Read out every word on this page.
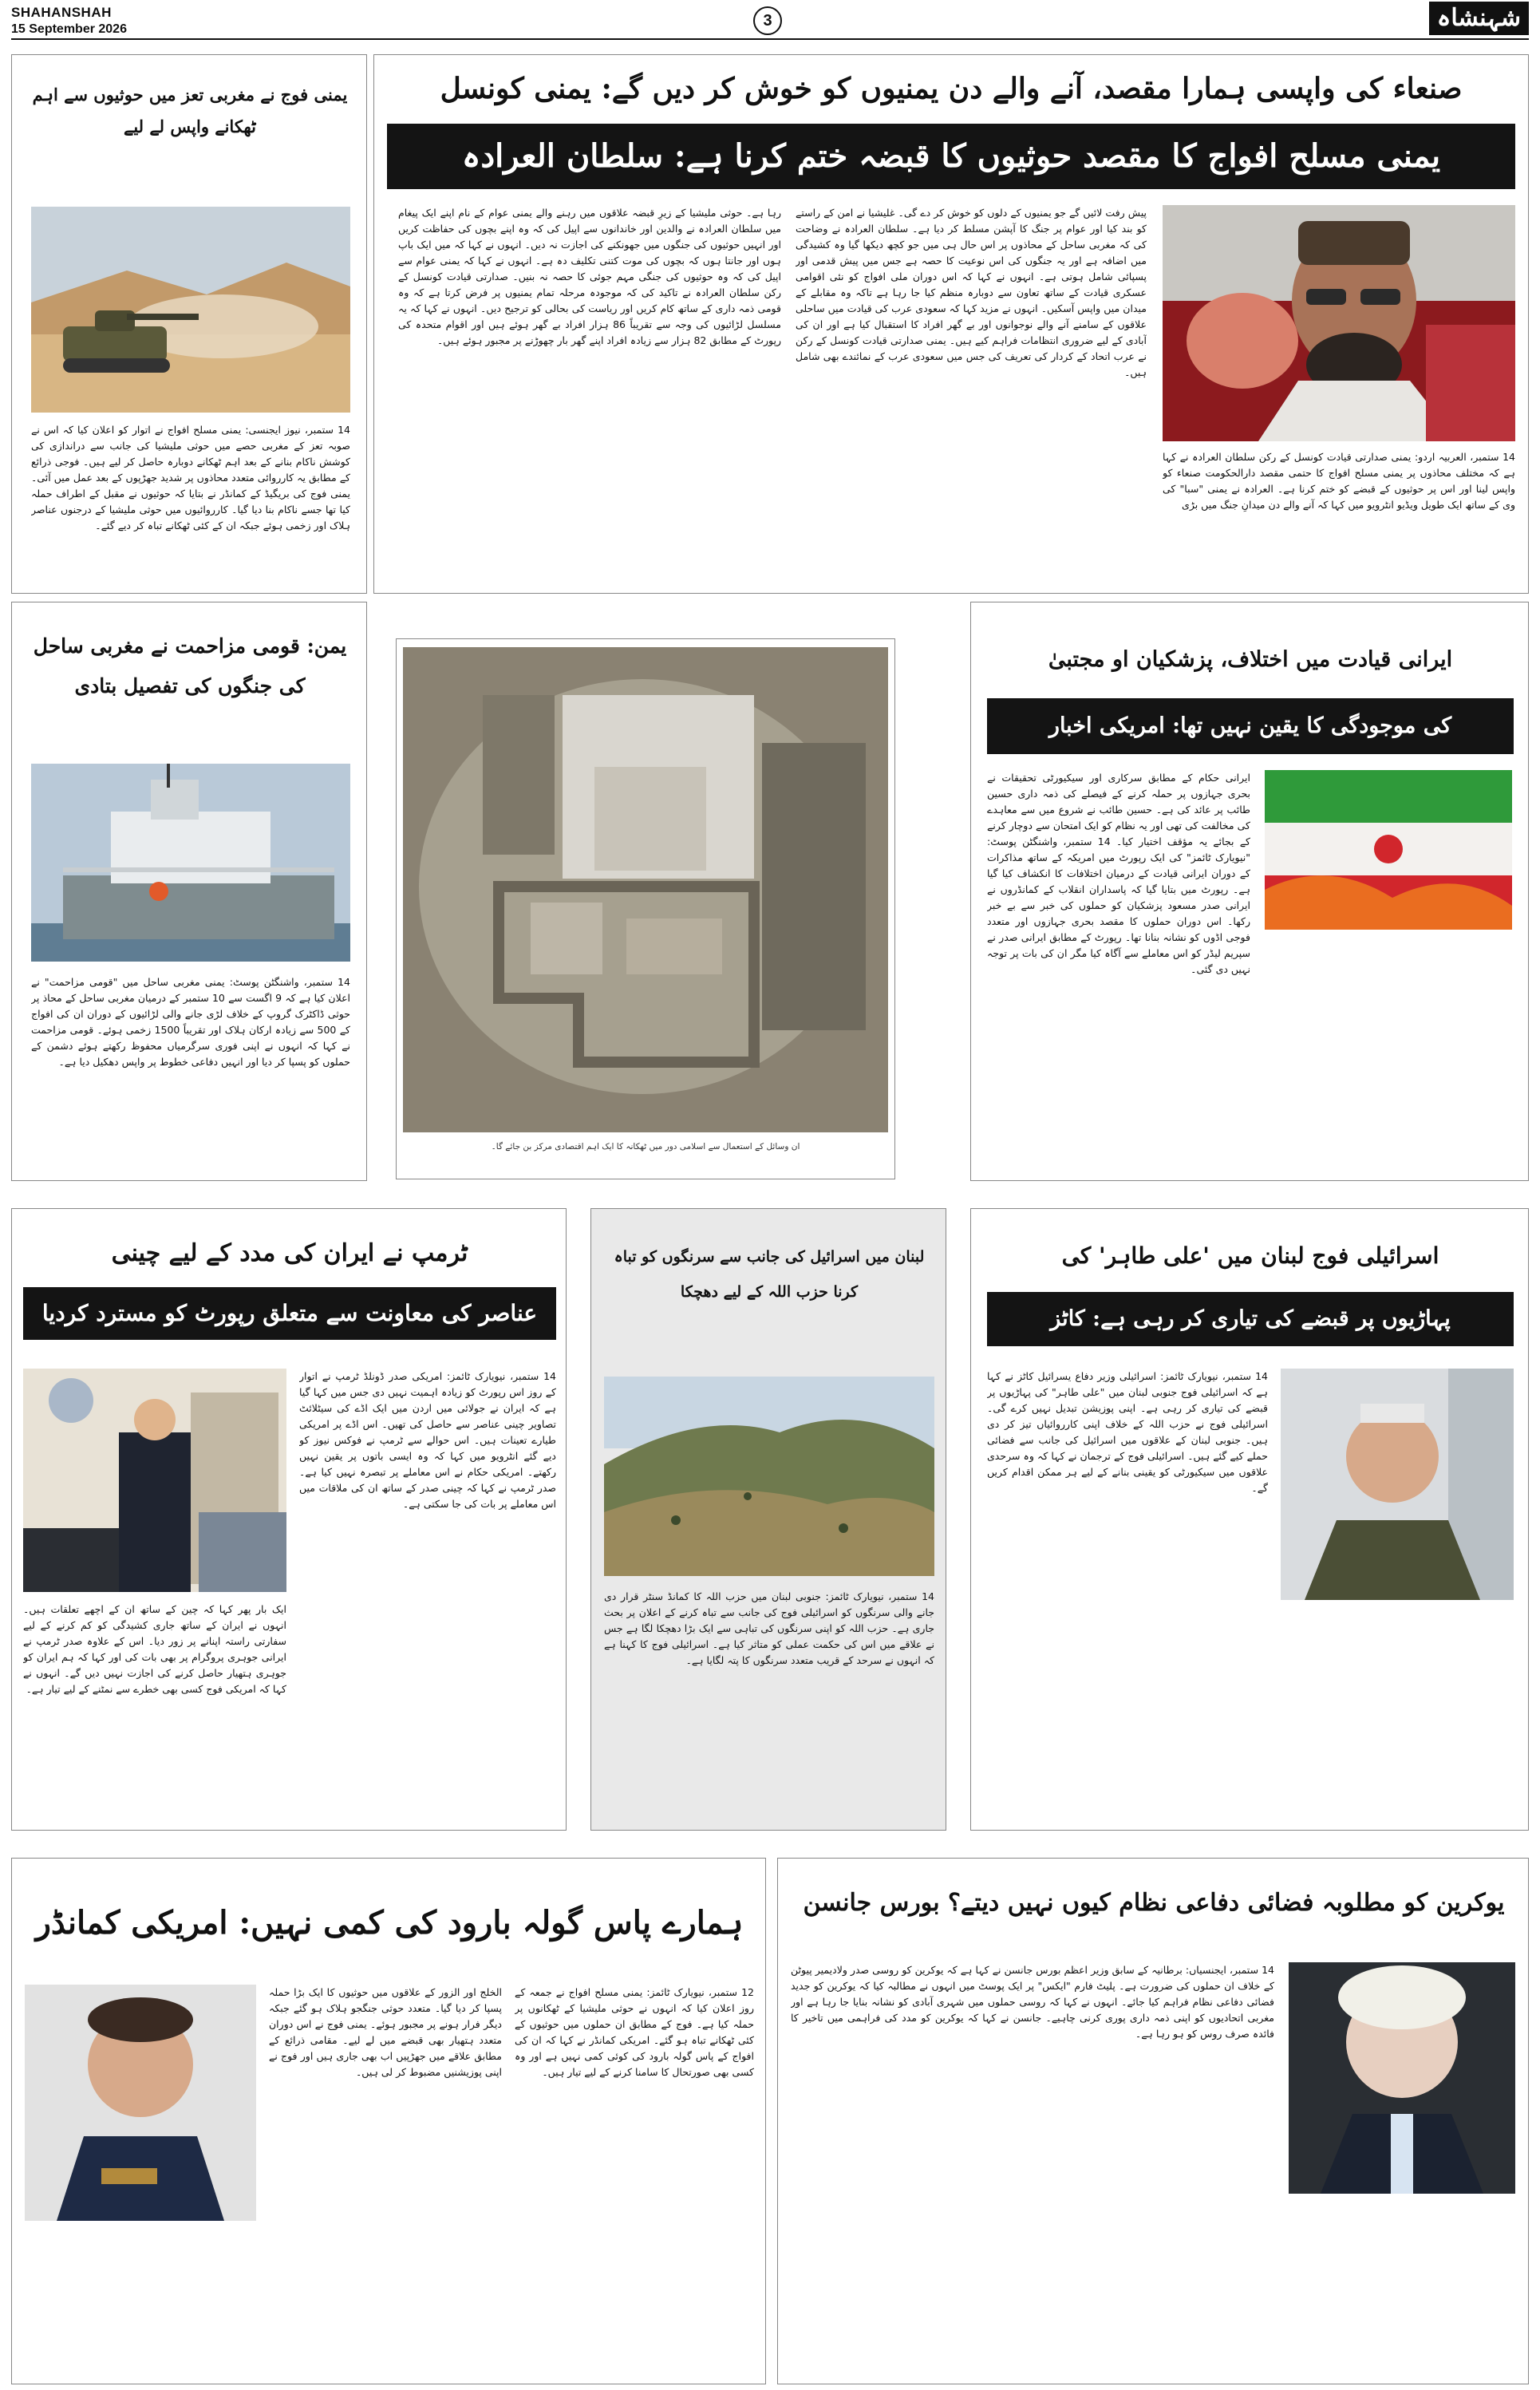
SHAHANSHAH
15 September 2026	3	شہنشاہ
صنعاء کی واپسی ہمارا مقصد، آنے والے دن یمنیوں کو خوش کر دیں گے: یمنی کونسل
یمنی مسلح افواج کا مقصد حوثیوں کا قبضہ ختم کرنا ہے: سلطان العرادہ
14 ستمبر، العربیہ اردو: یمنی صدارتی قیادت کونسل کے رکن سلطان العرادہ نے کہا ہے کہ مختلف محاذوں پر یمنی مسلح افواج کا حتمی مقصد دارالحکومت صنعاء کو واپس لینا اور اس پر حوثیوں کے قبضے کو ختم کرنا ہے۔ العرادہ نے یمنی "سبا" کی وی کے ساتھ ایک طویل ویڈیو انٹرویو میں کہا کہ آنے والے دن میدانِ جنگ میں بڑی
پیش رفت لائیں گے جو یمنیوں کے دلوں کو خوش کر دے گی۔ غلیشیا نے امن کے راستے کو بند کیا اور عوام پر جنگ کا آپشن مسلط کر دیا ہے۔ سلطان العرادہ نے وضاحت کی کہ مغربی ساحل کے محاذوں پر اس حال ہی میں جو کچھ دیکھا گیا وہ کشیدگی میں اضافہ ہے اور یہ جنگوں کی اس نوعیت کا حصہ ہے جس میں پیش قدمی اور پسپائی شامل ہوتی ہے۔ انہوں نے کہا کہ اس دوران ملی افواج کو نئی اقوامی عسکری قیادت کے ساتھ تعاون سے دوبارہ منظم کیا جا رہا ہے تاکہ وہ مقابلے کے میدان میں واپس آسکیں۔ انہوں نے مزید کہا کہ سعودی عرب کی قیادت میں ساحلی علاقوں کے سامنے آنے والے نوجوانوں اور بے گھر افراد کا استقبال کیا ہے اور ان کی آبادی کے لیے ضروری انتظامات فراہم کیے ہیں۔ یمنی صدارتی قیادت کونسل کے رکن نے عرب اتحاد کے کردار کی تعریف کی جس میں سعودی عرب کے نمائندے بھی شامل ہیں۔
رہا ہے۔ حوثی ملیشیا کے زیرِ قبضہ علاقوں میں رہنے والے یمنی عوام کے نام اپنے ایک پیغام میں سلطان العرادہ نے والدین اور خاندانوں سے اپیل کی کہ وہ اپنے بچوں کی حفاظت کریں اور انہیں حوثیوں کی جنگوں میں جھونکنے کی اجازت نہ دیں۔ انہوں نے کہا کہ میں ایک باپ ہوں اور جانتا ہوں کہ بچوں کی موت کتنی تکلیف دہ ہے۔ انہوں نے کہا کہ یمنی عوام سے اپیل کی کہ وہ حوثیوں کی جنگی مہم جوئی کا حصہ نہ بنیں۔ صدارتی قیادت کونسل کے رکن سلطان العرادہ نے تاکید کی کہ موجودہ مرحلہ تمام یمنیوں پر فرض کرتا ہے کہ وہ قومی ذمہ داری کے ساتھ کام کریں اور ریاست کی بحالی کو ترجیح دیں۔ انہوں نے کہا کہ یہ مسلسل لڑائیوں کی وجہ سے تقریباً 86 ہزار افراد بے گھر ہوئے ہیں اور اقوام متحدہ کی رپورٹ کے مطابق 82 ہزار سے زیادہ افراد اپنے گھر بار چھوڑنے پر مجبور ہوئے ہیں۔
یمنی فوج نے مغربی تعز میں حوثیوں سے اہم ٹھکانے واپس لے لیے
14 ستمبر، نیوز ایجنسی: یمنی مسلح افواج نے اتوار کو اعلان کیا کہ اس نے صوبہ تعز کے مغربی حصے میں حوثی ملیشیا کی جانب سے دراندازی کی کوشش ناکام بنانے کے بعد اہم ٹھکانے دوبارہ حاصل کر لیے ہیں۔ فوجی ذرائع کے مطابق یہ کارروائی متعدد محاذوں پر شدید جھڑپوں کے بعد عمل میں آئی۔ یمنی فوج کی بریگیڈ کے کمانڈر نے بتایا کہ حوثیوں نے مقبل کے اطراف حملہ کیا تھا جسے ناکام بنا دیا گیا۔ کارروائیوں میں حوثی ملیشیا کے درجنوں عناصر ہلاک اور زخمی ہوئے جبکہ ان کے کئی ٹھکانے تباہ کر دیے گئے۔
یمن: قومی مزاحمت نے مغربی ساحل کی جنگوں کی تفصیل بتادی
14 ستمبر، واشنگٹن پوسٹ: یمنی مغربی ساحل میں "قومی مزاحمت" نے اعلان کیا ہے کہ 9 اگست سے 10 ستمبر کے درمیان مغربی ساحل کے محاذ پر حوثی ڈاکٹرک گروپ کے خلاف لڑی جانے والی لڑائیوں کے دوران ان کی افواج کے 500 سے زیادہ ارکان ہلاک اور تقریباً 1500 زخمی ہوئے۔ قومی مزاحمت نے کہا کہ انہوں نے اپنی فوری سرگرمیاں محفوظ رکھتے ہوئے دشمن کے حملوں کو پسپا کر دیا اور انہیں دفاعی خطوط پر واپس دھکیل دیا ہے۔
ان وسائل کے استعمال سے اسلامی دور میں ٹھکانہ کا ایک اہم اقتصادی مرکز بن جائے گا۔
ایرانی قیادت میں اختلاف، پزشکیان او مجتبیٰ
کی موجودگی کا یقین نہیں تھا: امریکی اخبار
ایرانی حکام کے مطابق سرکاری اور سیکیورٹی تحقیقات نے بحری جہازوں پر حملہ کرنے کے فیصلے کی ذمہ داری حسین طائب پر عائد کی ہے۔ حسین طائب نے شروع میں سے معاہدے کی مخالفت کی تھی اور یہ نظام کو ایک امتحان سے دوچار کرنے کے بجائے یہ مؤقف اختیار کیا۔ 14 ستمبر، واشنگٹن پوسٹ: "نیویارک ٹائمز" کی ایک رپورٹ میں امریکہ کے ساتھ مذاکرات کے دوران ایرانی قیادت کے درمیان اختلافات کا انکشاف کیا گیا ہے۔ رپورٹ میں بتایا گیا کہ پاسداران انقلاب کے کمانڈروں نے ایرانی صدر مسعود پزشکیان کو حملوں کی خبر سے بے خبر رکھا۔ اس دوران حملوں کا مقصد بحری جہازوں اور متعدد فوجی اڈوں کو نشانہ بنانا تھا۔ رپورٹ کے مطابق ایرانی صدر نے سپریم لیڈر کو اس معاملے سے آگاہ کیا مگر ان کی بات پر توجہ نہیں دی گئی۔
ٹرمپ نے ایران کی مدد کے لیے چینی
عناصر کی معاونت سے متعلق رپورٹ کو مسترد کردیا
14 ستمبر، نیویارک ٹائمز: امریکی صدر ڈونلڈ ٹرمپ نے اتوار کے روز اس رپورٹ کو زیادہ اہمیت نہیں دی جس میں کہا گیا ہے کہ ایران نے جولائی میں اردن میں ایک اڈے کی سیٹلائٹ تصاویر چینی عناصر سے حاصل کی تھیں۔ اس اڈے پر امریکی طیارے تعینات ہیں۔ اس حوالے سے ٹرمپ نے فوکس نیوز کو دیے گئے انٹرویو میں کہا کہ وہ ایسی باتوں پر یقین نہیں رکھتے۔ امریکی حکام نے اس معاملے پر تبصرہ نہیں کیا ہے۔ صدر ٹرمپ نے کہا کہ چینی صدر کے ساتھ ان کی ملاقات میں اس معاملے پر بات کی جا سکتی ہے۔
ایک بار پھر کہا کہ چین کے ساتھ ان کے اچھے تعلقات ہیں۔ انہوں نے ایران کے ساتھ جاری کشیدگی کو کم کرنے کے لیے سفارتی راستہ اپنانے پر زور دیا۔ اس کے علاوہ صدر ٹرمپ نے ایرانی جوہری پروگرام پر بھی بات کی اور کہا کہ ہم ایران کو جوہری ہتھیار حاصل کرنے کی اجازت نہیں دیں گے۔ انہوں نے کہا کہ امریکی فوج کسی بھی خطرے سے نمٹنے کے لیے تیار ہے۔
لبنان میں اسرائیل کی جانب سے سرنگوں کو تباہ کرنا حزب اللہ کے لیے دھچکا
14 ستمبر، نیویارک ٹائمز: جنوبی لبنان میں حزب اللہ کا کمانڈ سنٹر قرار دی جانے والی سرنگوں کو اسرائیلی فوج کی جانب سے تباہ کرنے کے اعلان پر بحث جاری ہے۔ حزب اللہ کو اپنی سرنگوں کی تباہی سے ایک بڑا دھچکا لگا ہے جس نے علاقے میں اس کی حکمت عملی کو متاثر کیا ہے۔ اسرائیلی فوج کا کہنا ہے کہ انہوں نے سرحد کے قریب متعدد سرنگوں کا پتہ لگایا ہے۔
اسرائیلی فوج لبنان میں 'علی طاہر' کی
پہاڑیوں پر قبضے کی تیاری کر رہی ہے: کاٹز
14 ستمبر، نیویارک ٹائمز: اسرائیلی وزیر دفاع یسرائیل کاٹز نے کہا ہے کہ اسرائیلی فوج جنوبی لبنان میں "علی طاہر" کی پہاڑیوں پر قبضے کی تیاری کر رہی ہے۔ اپنی پوزیشن تبدیل نہیں کرے گی۔ اسرائیلی فوج نے حزب اللہ کے خلاف اپنی کارروائیاں تیز کر دی ہیں۔ جنوبی لبنان کے علاقوں میں اسرائیل کی جانب سے فضائی حملے کیے گئے ہیں۔ اسرائیلی فوج کے ترجمان نے کہا کہ وہ سرحدی علاقوں میں سیکیورٹی کو یقینی بنانے کے لیے ہر ممکن اقدام کریں گے۔
یوکرین کو مطلوبہ فضائی دفاعی نظام کیوں نہیں دیتے؟ بورس جانسن
14 ستمبر، ایجنسیاں: برطانیہ کے سابق وزیر اعظم بورس جانسن نے کہا ہے کہ یوکرین کو روسی صدر ولادیمیر پیوٹن کے خلاف ان حملوں کی ضرورت ہے۔ پلیٹ فارم "ایکس" پر ایک پوسٹ میں انہوں نے مطالبہ کیا کہ یوکرین کو جدید فضائی دفاعی نظام فراہم کیا جائے۔ انہوں نے کہا کہ روسی حملوں میں شہری آبادی کو نشانہ بنایا جا رہا ہے اور مغربی اتحادیوں کو اپنی ذمہ داری پوری کرنی چاہیے۔ جانسن نے کہا کہ یوکرین کو مدد کی فراہمی میں تاخیر کا فائدہ صرف روس کو ہو رہا ہے۔
ہمارے پاس گولہ بارود کی کمی نہیں: امریکی کمانڈر
12 ستمبر، نیویارک ٹائمز: یمنی مسلح افواج نے جمعہ کے روز اعلان کیا کہ انہوں نے حوثی ملیشیا کے ٹھکانوں پر حملہ کیا ہے۔ فوج کے مطابق ان حملوں میں حوثیوں کے کئی ٹھکانے تباہ ہو گئے۔ امریکی کمانڈر نے کہا کہ ان کی افواج کے پاس گولہ بارود کی کوئی کمی نہیں ہے اور وہ کسی بھی صورتحال کا سامنا کرنے کے لیے تیار ہیں۔
الخلج اور الزور کے علاقوں میں حوثیوں کا ایک بڑا حملہ پسپا کر دیا گیا۔ متعدد حوثی جنگجو ہلاک ہو گئے جبکہ دیگر فرار ہونے پر مجبور ہوئے۔ یمنی فوج نے اس دوران متعدد ہتھیار بھی قبضے میں لے لیے۔ مقامی ذرائع کے مطابق علاقے میں جھڑپیں اب بھی جاری ہیں اور فوج نے اپنی پوزیشنیں مضبوط کر لی ہیں۔
